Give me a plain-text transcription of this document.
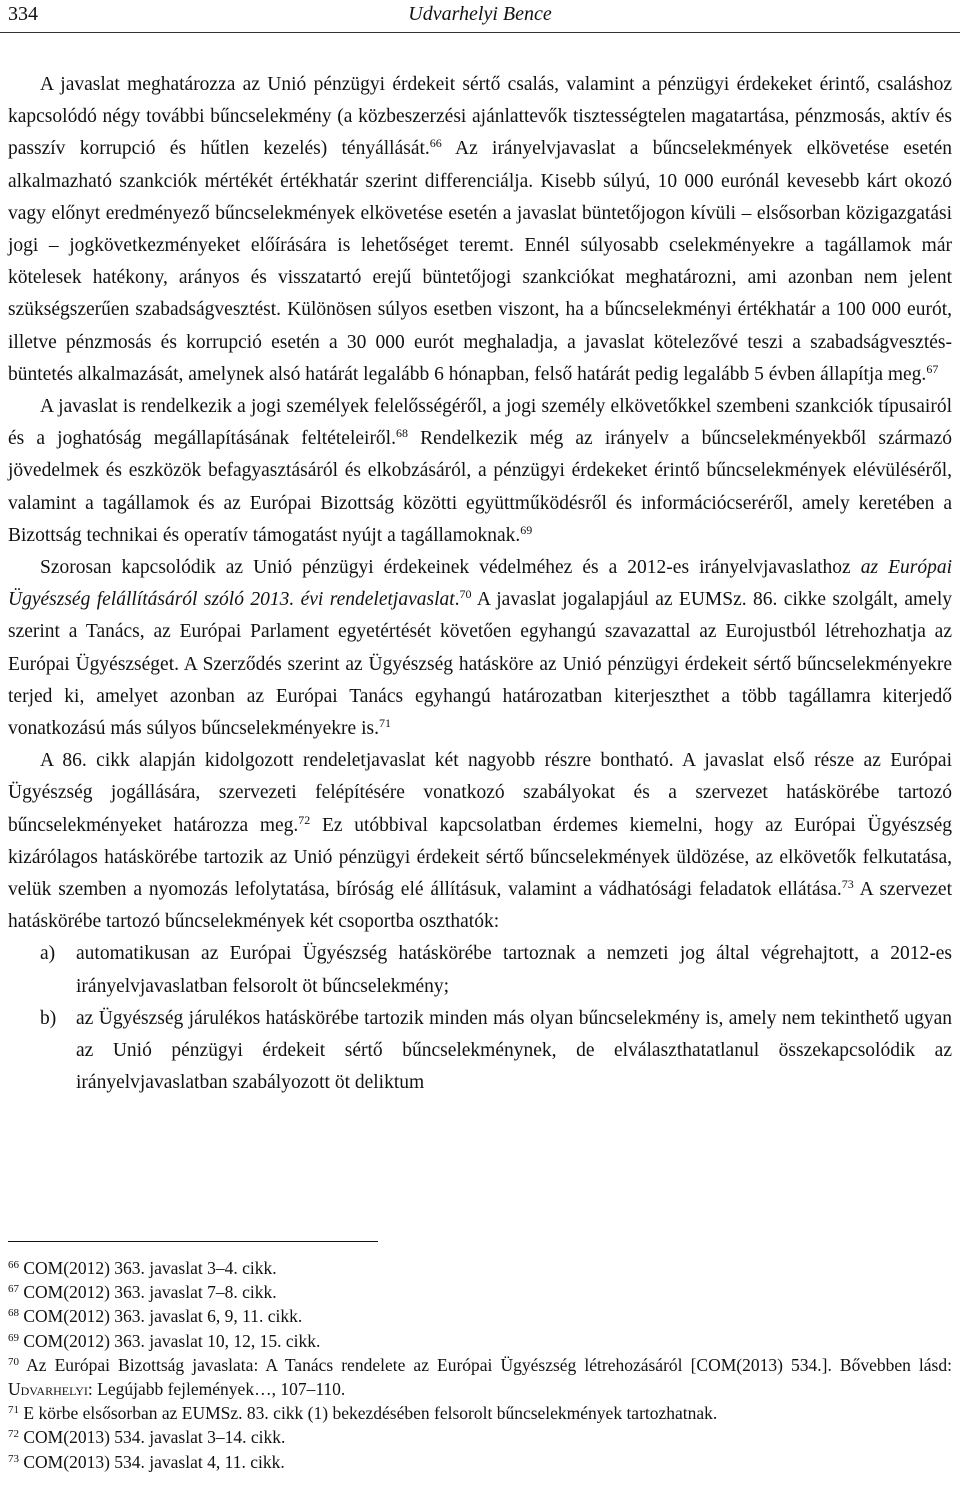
334	Udvarhelyi Bence

A javaslat meghatározza az Unió pénzügyi érdekeit sértő csalás, valamint a pénzügyi érdekeket érintő, csaláshoz kapcsolódó négy további bűncselekmény (a közbeszerzési ajánlattevők tisztességtelen magatartása, pénzmosás, aktív és passzív korrupció és hűtlen kezelés) tényállását.$^{66}$ Az irányelvjavaslat a bűncselekmények elkövetése esetén alkalmazható szankciók mértékét értékhatár szerint differenciálja. Kisebb súlyú, 10 000 eurónál kevesebb kárt okozó vagy előnyt eredményező bűncselekmények elkövetése esetén a javaslat büntetőjogon kívüli – elsősorban közigazgatási jogi – jogkövetkezményeket előírására is lehetőséget teremt. Ennél súlyosabb cselekményekre a tagállamok már kötelesek hatékony, arányos és visszatartó erejű büntetőjogi szankciókat meghatározni, ami azonban nem jelent szükségszerűen szabadságvesztést. Különösen súlyos esetben viszont, ha a bűncselekményi értékhatár a 100 000 eurót, illetve pénzmosás és korrupció esetén a 30 000 eurót meghaladja, a javaslat kötelezővé teszi a szabadságvesztés-büntetés alkalmazását, amelynek alsó határát legalább 6 hónapban, felső határát pedig legalább 5 évben állapítja meg.$^{67}$

A javaslat is rendelkezik a jogi személyek felelősségéről, a jogi személy elkövetőkkel szembeni szankciók típusairól és a joghatóság megállapításának feltételeiről.$^{68}$ Rendelkezik még az irányelv a bűncselekményekből származó jövedelmek és eszközök befagyasztásáról és elkobzásáról, a pénzügyi érdekeket érintő bűncselekmények elévüléséről, valamint a tagállamok és az Európai Bizottság közötti együttműködésről és információcseréről, amely keretében a Bizottság technikai és operatív támogatást nyújt a tagállamoknak.$^{69}$

Szorosan kapcsolódik az Unió pénzügyi érdekeinek védelméhez és a 2012-es irányelvjavaslathoz az Európai Ügyészség felállításáról szóló 2013. évi rendeletjavaslat.$^{70}$ A javaslat jogalapjául az EUMSz. 86. cikke szolgált, amely szerint a Tanács, az Európai Parlament egyetértését követően egyhangú szavazattal az Eurojustból létrehozhatja az Európai Ügyészséget. A Szerződés szerint az Ügyészség hatásköre az Unió pénzügyi érdekeit sértő bűncselekményekre terjed ki, amelyet azonban az Európai Tanács egyhangú határozatban kiterjeszthet a több tagállamra kiterjedő vonatkozású más súlyos bűncselekményekre is.$^{71}$

A 86. cikk alapján kidolgozott rendeletjavaslat két nagyobb részre bontható. A javaslat első része az Európai Ügyészség jogállására, szervezeti felépítésére vonatkozó szabályokat és a szervezet hatáskörébe tartozó bűncselekményeket határozza meg.$^{72}$ Ez utóbbival kapcsolatban érdemes kiemelni, hogy az Európai Ügyészség kizárólagos hatáskörébe tartozik az Unió pénzügyi érdekeit sértő bűncselekmények üldözése, az elkövetők felkutatása, velük szemben a nyomozás lefolytatása, bíróság elé állításuk, valamint a vádhatósági feladatok ellátása.$^{73}$ A szervezet hatáskörébe tartozó bűncselekmények két csoportba oszthatók:

a) automatikusan az Európai Ügyészség hatáskörébe tartoznak a nemzeti jog által végrehajtott, a 2012-es irányelvjavaslatban felsorolt öt bűncselekmény;
b) az Ügyészség járulékos hatáskörébe tartozik minden más olyan bűncselekmény is, amely nem tekinthető ugyan az Unió pénzügyi érdekeit sértő bűncselekménynek, de elválaszthatatlanul összekapcsolódik az irányelvjavaslatban szabályozott öt deliktum
$^{66}$ COM(2012) 363. javaslat 3–4. cikk.
$^{67}$ COM(2012) 363. javaslat 7–8. cikk.
$^{68}$ COM(2012) 363. javaslat 6, 9, 11. cikk.
$^{69}$ COM(2012) 363. javaslat 10, 12, 15. cikk.
$^{70}$ Az Európai Bizottság javaslata: A Tanács rendelete az Európai Ügyészség létrehozásáról [COM(2013) 534.]. Bővebben lásd: Udvarhelyi: Legújabb fejlemények…, 107–110.
$^{71}$ E körbe elsősorban az EUMSz. 83. cikk (1) bekezdésében felsorolt bűncselekmények tartozhatnak.
$^{72}$ COM(2013) 534. javaslat 3–14. cikk.
$^{73}$ COM(2013) 534. javaslat 4, 11. cikk.
